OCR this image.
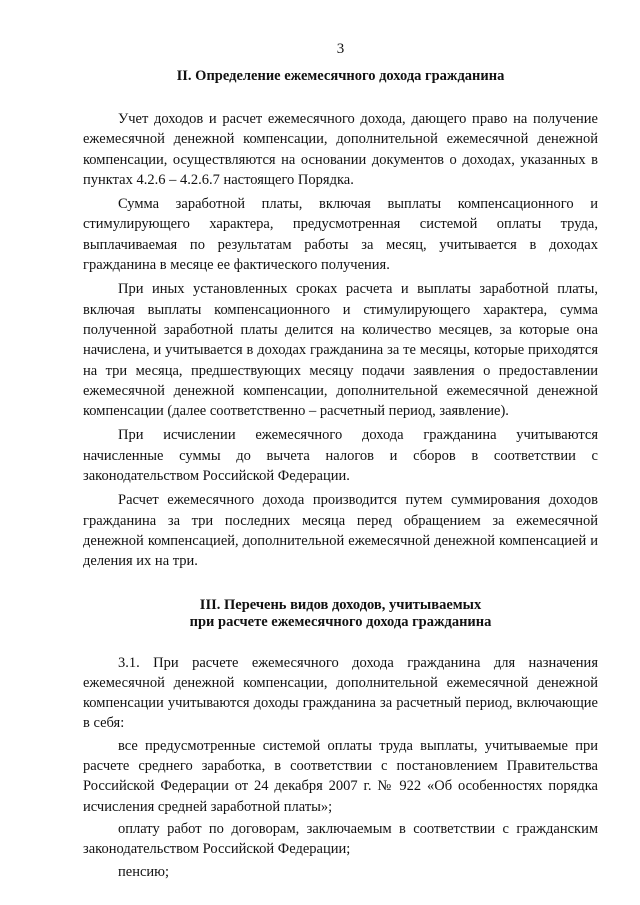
3
II. Определение ежемесячного дохода гражданина

Учет доходов и расчет ежемесячного дохода, дающего право на получение ежемесячной денежной компенсации, дополнительной ежемесячной денежной компенсации, осуществляются на основании документов о доходах, указанных в пунктах 4.2.6 – 4.2.6.7 настоящего Порядка.

Сумма заработной платы, включая выплаты компенсационного и стимулирующего характера, предусмотренная системой оплаты труда, выплачиваемая по результатам работы за месяц, учитывается в доходах гражданина в месяце ее фактического получения.

При иных установленных сроках расчета и выплаты заработной платы, включая выплаты компенсационного и стимулирующего характера, сумма полученной заработной платы делится на количество месяцев, за которые она начислена, и учитывается в доходах гражданина за те месяцы, которые приходятся на три месяца, предшествующих месяцу подачи заявления о предоставлении ежемесячной денежной компенсации, дополнительной ежемесячной денежной компенсации (далее соответственно – расчетный период, заявление).

При исчислении ежемесячного дохода гражданина учитываются начисленные суммы до вычета налогов и сборов в соответствии с законодательством Российской Федерации.

Расчет ежемесячного дохода производится путем суммирования доходов гражданина за три последних месяца перед обращением за ежемесячной денежной компенсацией, дополнительной ежемесячной денежной компенсацией и деления их на три.

III. Перечень видов доходов, учитываемых
при расчете ежемесячного дохода гражданина

3.1. При расчете ежемесячного дохода гражданина для назначения ежемесячной денежной компенсации, дополнительной ежемесячной денежной компенсации учитываются доходы гражданина за расчетный период, включающие в себя:

все предусмотренные системой оплаты труда выплаты, учитываемые при расчете среднего заработка, в соответствии с постановлением Правительства Российской Федерации от 24 декабря 2007 г. № 922 «Об особенностях порядка исчисления средней заработной платы»;

оплату работ по договорам, заключаемым в соответствии с гражданским законодательством Российской Федерации;

пенсию;
